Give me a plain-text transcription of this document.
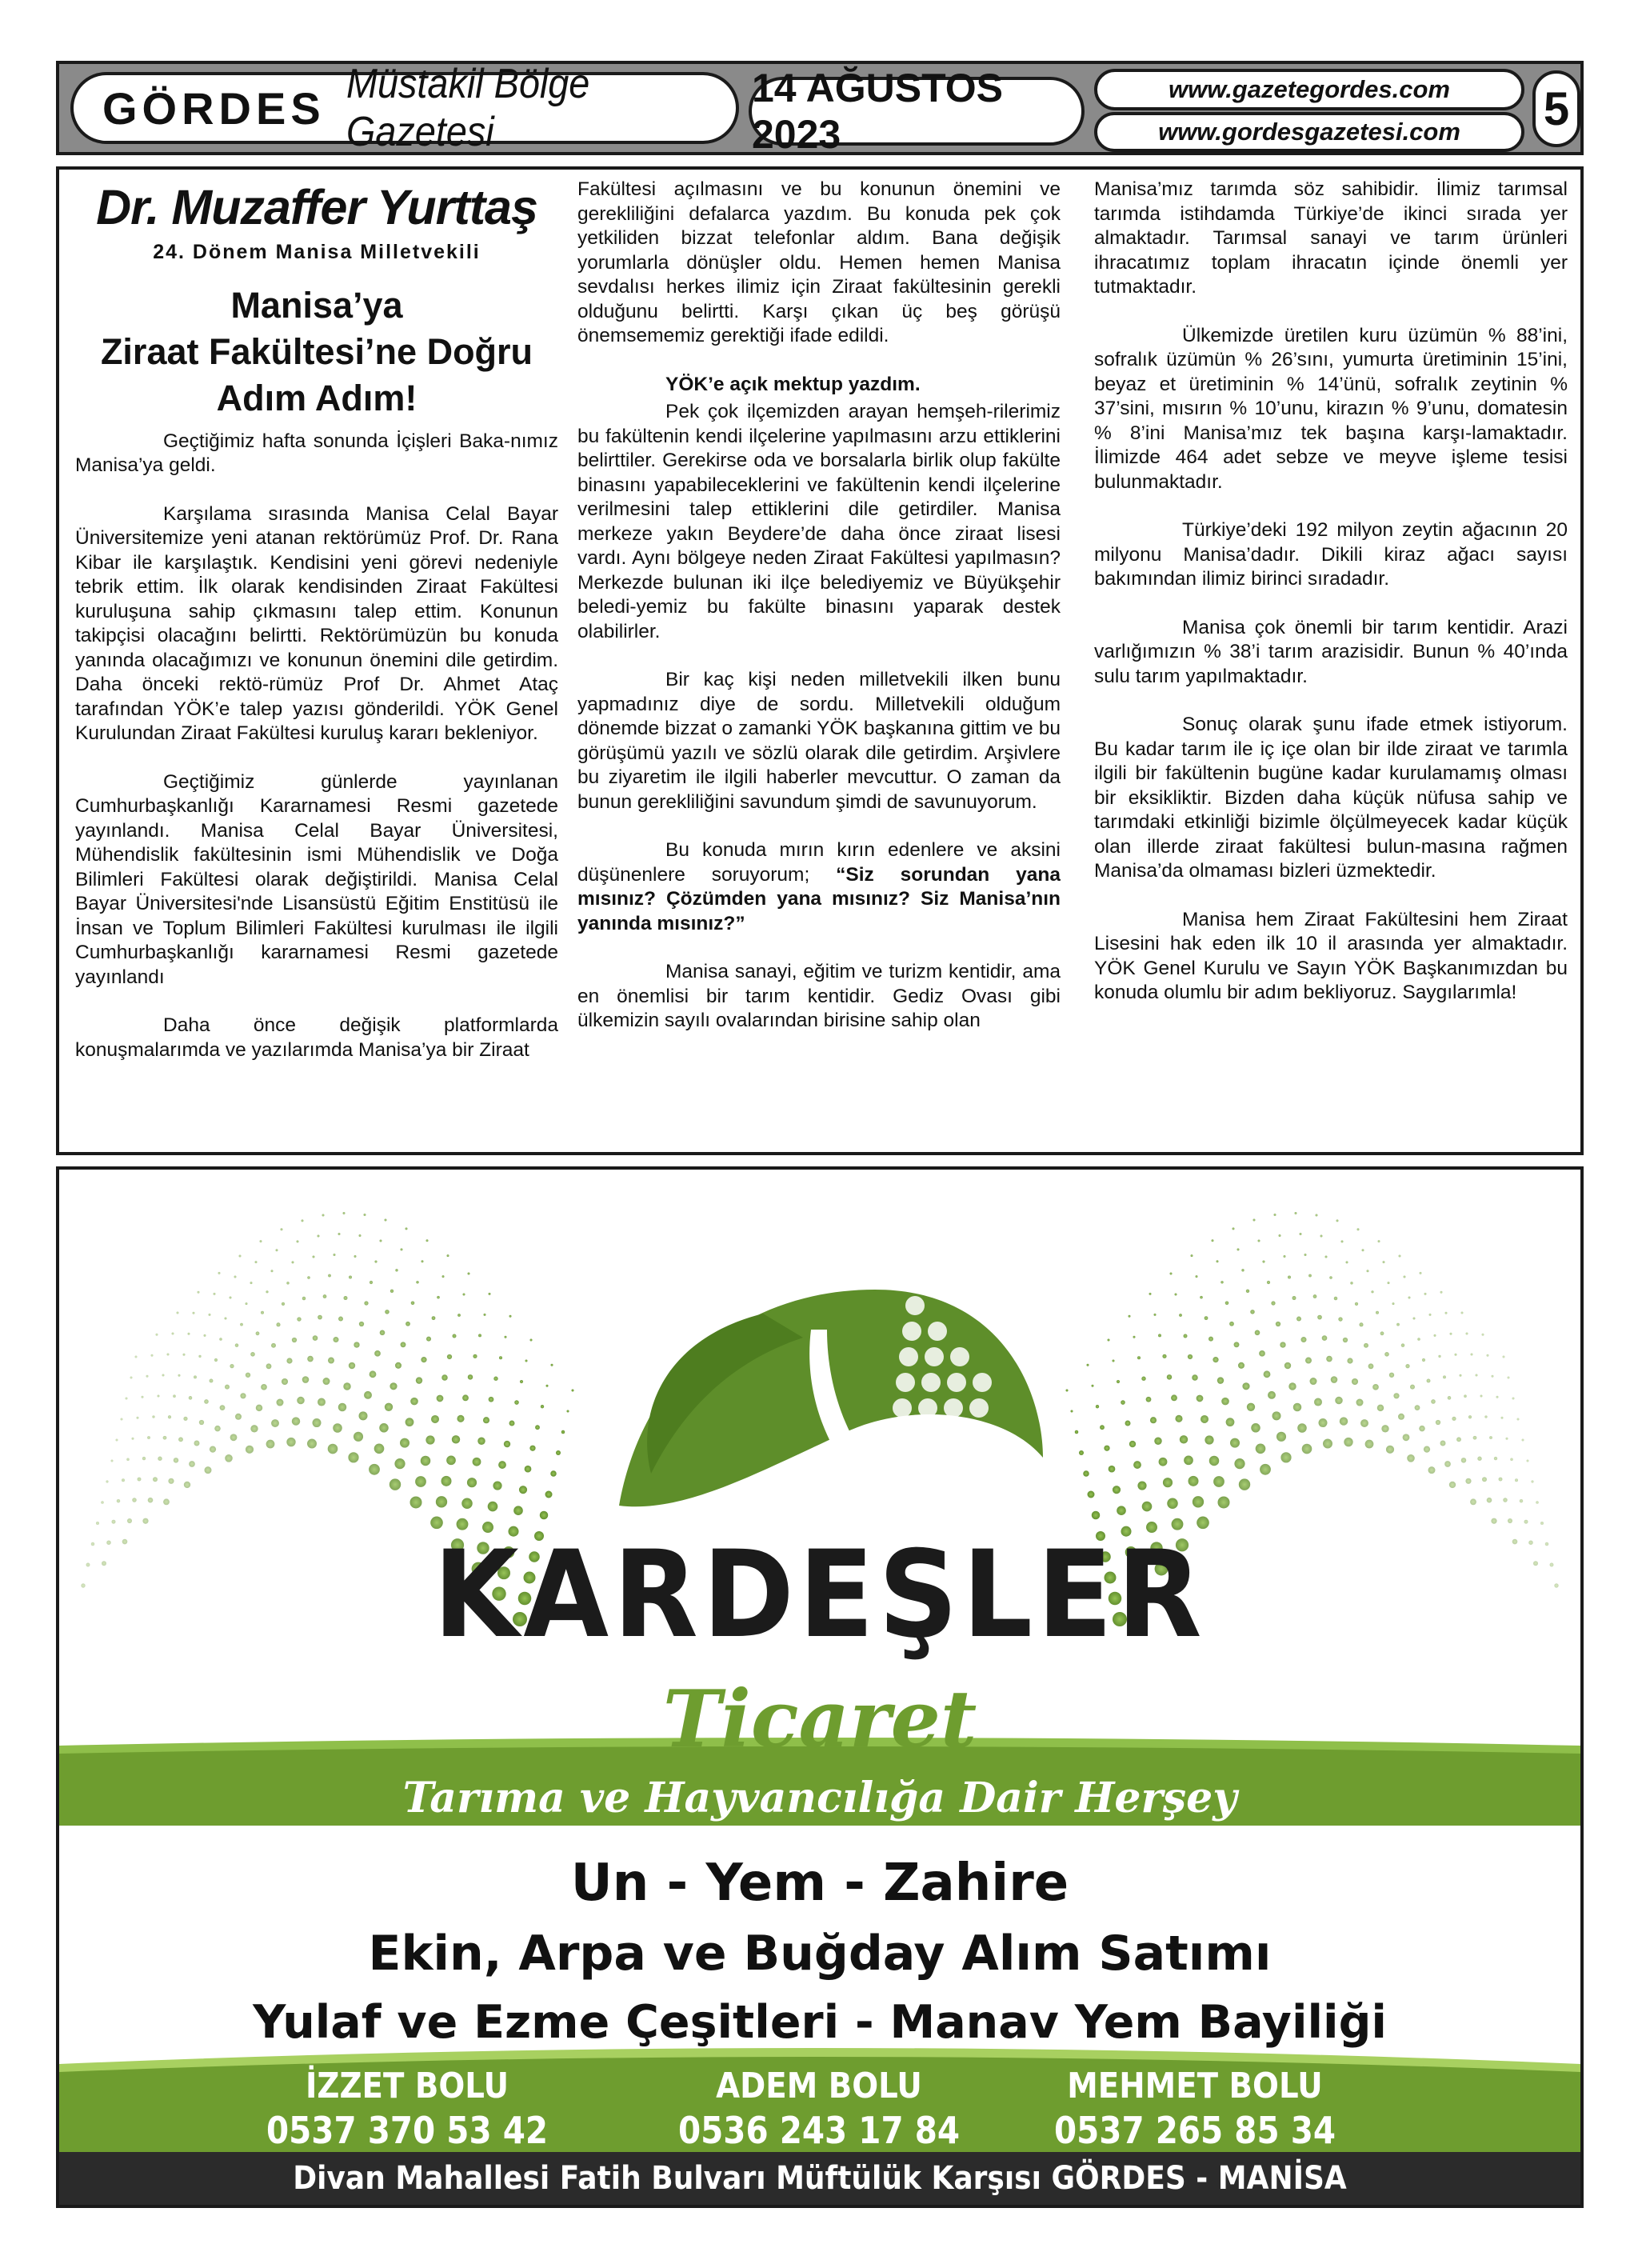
GÖRDES Müstakil Bölge Gazetesi
14 AĞUSTOS 2023
www.gazetegordes.com
www.gordesgazetesi.com	5
Dr. Muzaffer Yurttaş
24. Dönem Manisa Milletvekili
Manisa’ya
Ziraat Fakültesi’ne Doğru
Adım Adım!

Geçtiğimiz hafta sonunda İçişleri Baka-nımız Manisa’ya geldi.

Karşılama sırasında Manisa Celal Bayar Üniversitemize yeni atanan rektörümüz Prof. Dr. Rana Kibar ile karşılaştık. Kendisini yeni görevi nedeniyle tebrik ettim. İlk olarak kendisinden Ziraat Fakültesi kuruluşuna sahip çıkmasını talep ettim. Konunun takipçisi olacağını belirtti. Rektörümüzün bu konuda yanında olacağımızı ve konunun önemini dile getirdim. Daha önceki rektö-rümüz Prof Dr. Ahmet Ataç tarafından YÖK’e talep yazısı gönderildi. YÖK Genel Kurulundan Ziraat Fakültesi kuruluş kararı bekleniyor.

Geçtiğimiz günlerde yayınlanan Cumhurbaşkanlığı Kararnamesi Resmi gazetede yayınlandı. Manisa Celal Bayar Üniversitesi, Mühendislik fakültesinin ismi Mühendislik ve Doğa Bilimleri Fakültesi olarak değiştirildi. Manisa Celal Bayar Üniversitesi'nde Lisansüstü Eğitim Enstitüsü ile İnsan ve Toplum Bilimleri Fakültesi kurulması ile ilgili Cumhurbaşkanlığı kararnamesi Resmi gazetede yayınlandı

Daha önce değişik platformlarda konuşmalarımda ve yazılarımda Manisa’ya bir Ziraat

Fakültesi açılmasını ve bu konunun önemini ve gerekliliğini defalarca yazdım. Bu konuda pek çok yetkiliden bizzat telefonlar aldım. Bana değişik yorumlarla dönüşler oldu. Hemen hemen Manisa sevdalısı herkes ilimiz için Ziraat fakültesinin gerekli olduğunu belirtti. Karşı çıkan üç beş görüşü önemsememiz gerektiği ifade edildi.

YÖK’e açık mektup yazdım.

Pek çok ilçemizden arayan hemşeh-rilerimiz bu fakültenin kendi ilçelerine yapılmasını arzu ettiklerini belirttiler. Gerekirse oda ve borsalarla birlik olup fakülte binasını yapabileceklerini ve fakültenin kendi ilçelerine verilmesini talep ettiklerini dile getirdiler. Manisa merkeze yakın Beydere’de daha önce ziraat lisesi vardı. Aynı bölgeye neden Ziraat Fakültesi yapılmasın? Merkezde bulunan iki ilçe belediyemiz ve Büyükşehir beledi-yemiz bu fakülte binasını yaparak destek olabilirler.

Bir kaç kişi neden milletvekili ilken bunu yapmadınız diye de sordu. Milletvekili olduğum dönemde bizzat o zamanki YÖK başkanına gittim ve bu görüşümü yazılı ve sözlü olarak dile getirdim. Arşivlere bu ziyaretim ile ilgili haberler mevcuttur. O zaman da bunun gerekliliğini savundum şimdi de savunuyorum.

Bu konuda mırın kırın edenlere ve aksini düşünenlere soruyorum; “Siz sorundan yana mısınız? Çözümden yana mısınız? Siz Manisa’nın yanında mısınız?”

Manisa sanayi, eğitim ve turizm kentidir, ama en önemlisi bir tarım kentidir. Gediz Ovası gibi ülkemizin sayılı ovalarından birisine sahip olan

Manisa’mız tarımda söz sahibidir. İlimiz tarımsal tarımda istihdamda Türkiye’de ikinci sırada yer almaktadır. Tarımsal sanayi ve tarım ürünleri ihracatımız toplam ihracatın içinde önemli yer tutmaktadır.

Ülkemizde üretilen kuru üzümün % 88’ini, sofralık üzümün % 26’sını, yumurta üretiminin 15’ini, beyaz et üretiminin % 14’ünü, sofralık zeytinin % 37’sini, mısırın % 10’unu, kirazın % 9’unu, domatesin % 8’ini Manisa’mız tek başına karşı-lamaktadır. İlimizde 464 adet sebze ve meyve işleme tesisi bulunmaktadır.

Türkiye’deki 192 milyon zeytin ağacının 20 milyonu Manisa’dadır. Dikili kiraz ağacı sayısı bakımından ilimiz birinci sıradadır.

Manisa çok önemli bir tarım kentidir. Arazi varlığımızın % 38’i tarım arazisidir. Bunun % 40’ında sulu tarım yapılmaktadır.

Sonuç olarak şunu ifade etmek istiyorum. Bu kadar tarım ile iç içe olan bir ilde ziraat ve tarımla ilgili bir fakültenin bugüne kadar kurulamamış olması bir eksikliktir. Bizden daha küçük nüfusa sahip ve tarımdaki etkinliği bizimle ölçülmeyecek kadar küçük olan illerde ziraat fakültesi bulun-masına rağmen Manisa’da olmaması bizleri üzmektedir.

Manisa hem Ziraat Fakültesini hem Ziraat Lisesini hak eden ilk 10 il arasında yer almaktadır. YÖK Genel Kurulu ve Sayın YÖK Başkanımızdan bu konuda olumlu bir adım bekliyoruz. Saygılarımla!

KARDEŞLER
Ticaret
Tarıma ve Hayvancılığa Dair Herşey
Un - Yem - Zahire
Ekin, Arpa ve Buğday Alım Satımı
Yulaf ve Ezme Çeşitleri - Manav Yem Bayiliği
İZZET BOLU
0537 370 53 42
ADEM BOLU
0536 243 17 84
MEHMET BOLU
0537 265 85 34
Divan Mahallesi Fatih Bulvarı Müftülük Karşısı GÖRDES - MANİSA
